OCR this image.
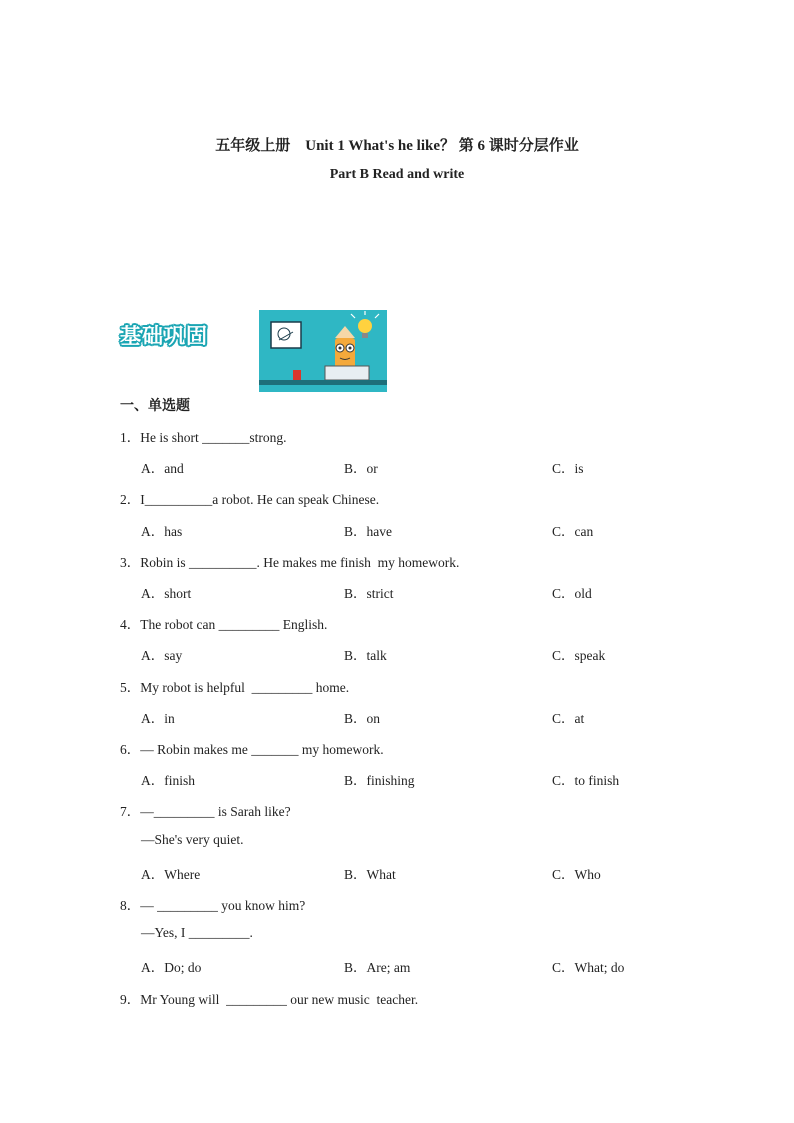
五年级上册　Unit 1 What's he like？ 第 6 课时分层作业
Part B Read and write
基础巩固
一、单选题
1．He is short _______strong.
A．and	B．or	C．is
2．I__________a robot. He can speak Chinese.
A．has	B．have	C．can
3．Robin is __________. He makes me finish  my homework.
A．short	B．strict	C．old
4．The robot can _________ English.
A．say	B．talk	C．speak
5．My robot is helpful  _________ home.
A．in	B．on	C．at
6．— Robin makes me _______ my homework.
A．finish	B．finishing	C．to finish
7．—_________ is Sarah like?
—She's very quiet.
A．Where	B．What	C．Who
8．— _________ you know him?
—Yes, I _________.
A．Do; do	B．Are; am	C．What; do
9．Mr Young will  _________ our new music  teacher.
